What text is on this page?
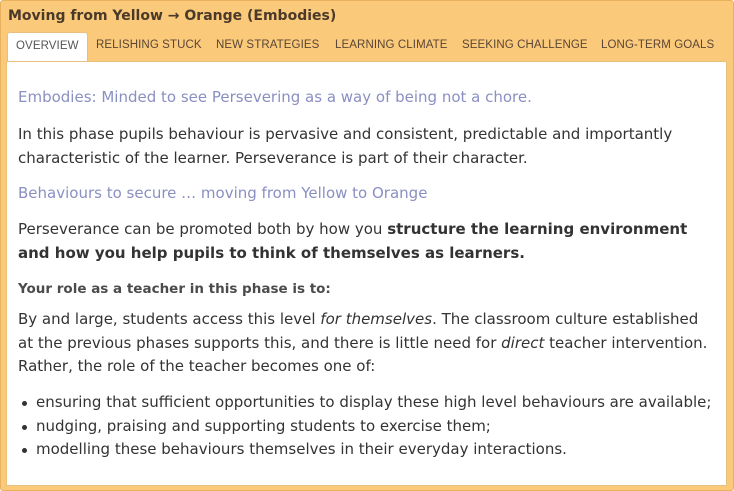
Moving from Yellow → Orange (Embodies)
OVERVIEW	RELISHING STUCK NEW STRATEGIES LEARNING CLIMATE SEEKING CHALLENGE LONG-TERM GOALS
Embodies: Minded to see Persevering as a way of being not a chore.
In this phase pupils behaviour is pervasive and consistent, predictable and importantly characteristic of the learner. Perseverance is part of their character.
Behaviours to secure … moving from Yellow to Orange
Perseverance can be promoted both by how you structure the learning environment and how you help pupils to think of themselves as learners.
Your role as a teacher in this phase is to:
By and large, students access this level for themselves. The classroom culture established at the previous phases supports this, and there is little need for direct teacher intervention. Rather, the role of the teacher becomes one of:
ensuring that sufficient opportunities to display these high level behaviours are available;
nudging, praising and supporting students to exercise them;
modelling these behaviours themselves in their everyday interactions.
